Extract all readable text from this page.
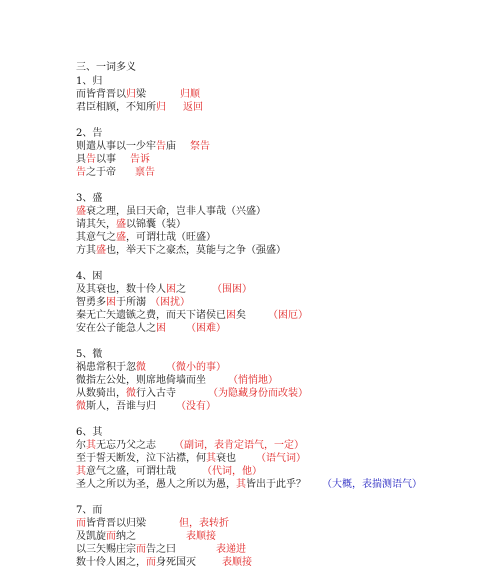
三、一词多义
1、归
而皆背晋以归梁	归顺
君臣相顾，不知所归 返回
2、告
则遣从事以一少牢告庙 祭告
具告以事 告诉
告之于帝 禀告
3、盛
盛衰之理，虽曰天命，岂非人事哉（兴盛）
请其矢，盛以锦囊（装）
其意气之盛，可谓壮哉（旺盛）
方其盛也，举天下之豪杰，莫能与之争（强盛）
4、困
及其衰也，数十伶人困之	（围困）
智勇多困于所溺 （困扰）
秦无亡矢遗镞之费，而天下诸侯已困矣 （困厄）
安在公子能急人之困 （困难）
5、微
祸患常积于忽微 （微小的事）
微指左公处，则席地倚墙而坐 （悄悄地）
从数骑出，微行入古寺	（为隐藏身份而改装）
微斯人，吾谁与归 （没有）
6、其
尔其无忘乃父之志 （副词，表肯定语气，一定）
至于誓天断发，泣下沾襟，何其衰也 （语气词）
其意气之盛，可谓壮哉	（代词，他）
圣人之所以为圣，愚人之所以为愚，其皆出于此乎？ （大概，表揣测语气）
7、而
而皆背晋以归梁	但，表转折
及凯旋而纳之	表顺接
以三矢赐庄宗而告之曰	表递进
数十伶人困之，而身死国灭	表顺接
